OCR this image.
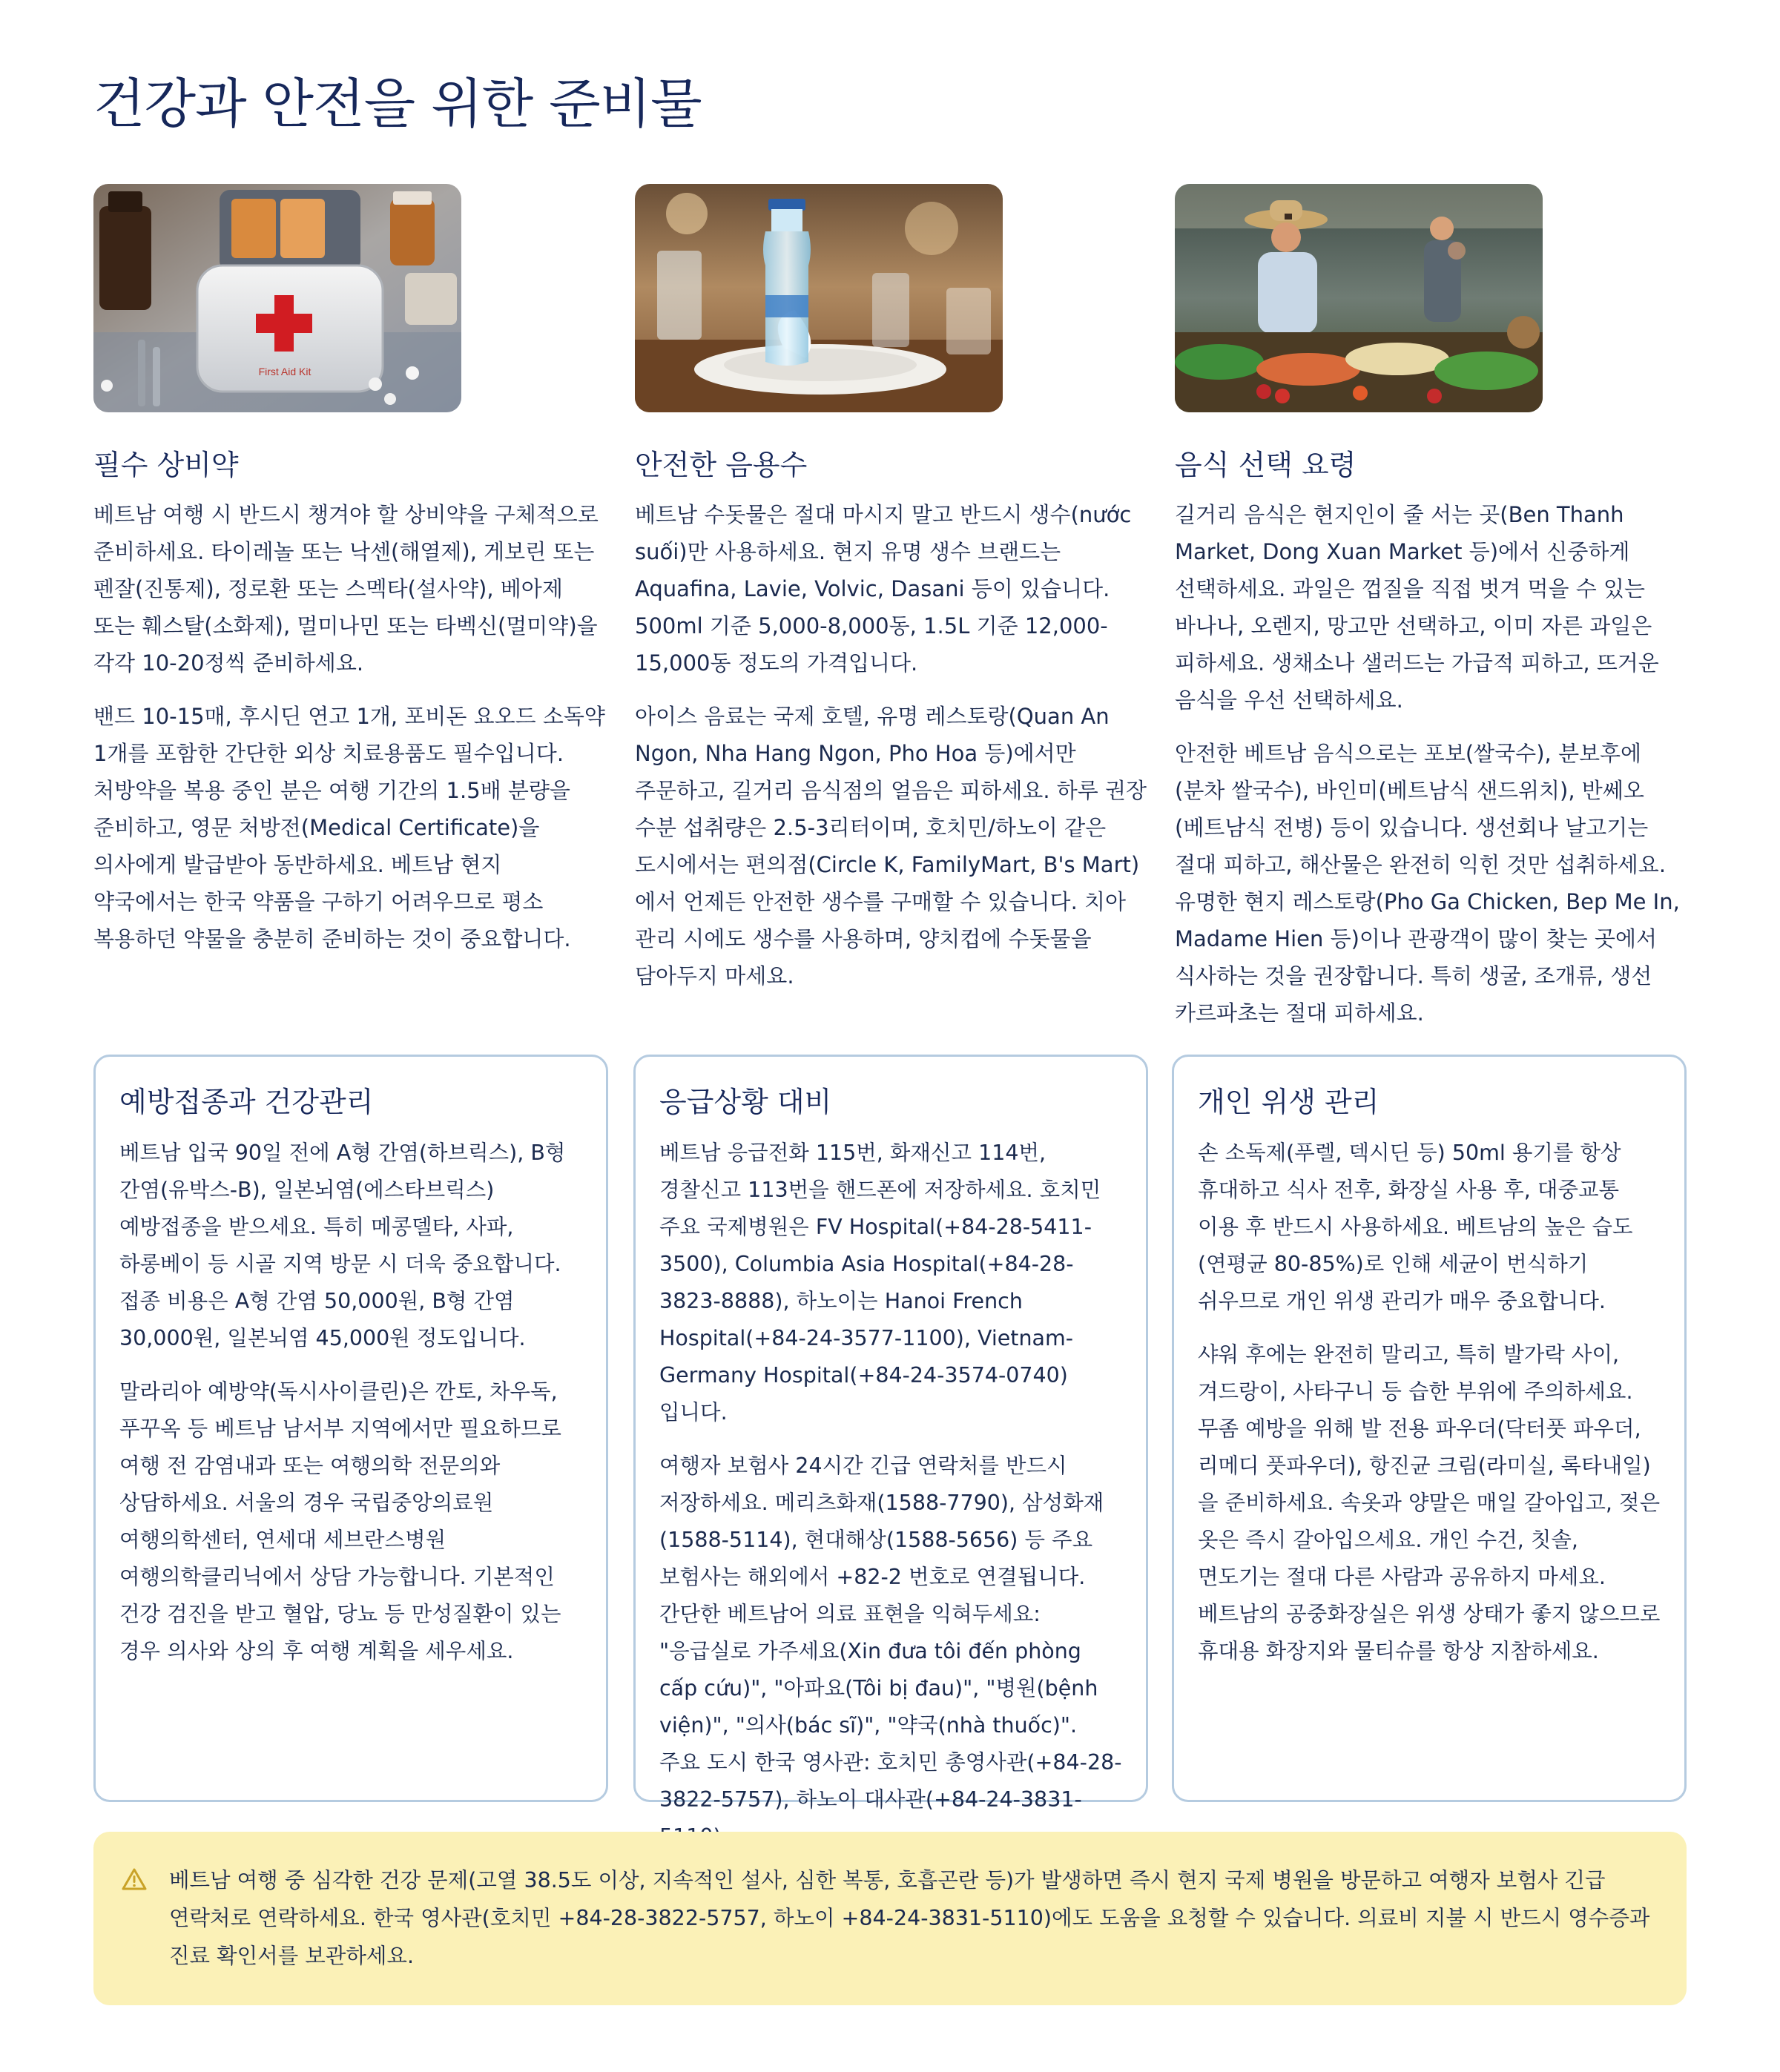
건강과 안전을 위한 준비물
First Aid Kit
필수 상비약

베트남 여행 시 반드시 챙겨야 할 상비약을 구체적으로 준비하세요. 타이레놀 또는 낙센(해열제), 게보린 또는 펜잘(진통제), 정로환 또는 스멕타(설사약), 베아제 또는 훼스탈(소화제), 멀미나민 또는 타벡신(멀미약)을 각각 10-20정씩 준비하세요.

밴드 10-15매, 후시딘 연고 1개, 포비돈 요오드 소독약 1개를 포함한 간단한 외상 치료용품도 필수입니다. 처방약을 복용 중인 분은 여행 기간의 1.5배 분량을 준비하고, 영문 처방전(Medical Certificate)을 의사에게 발급받아 동반하세요. 베트남 현지 약국에서는 한국 약품을 구하기 어려우므로 평소 복용하던 약물을 충분히 준비하는 것이 중요합니다.

안전한 음용수

베트남 수돗물은 절대 마시지 말고 반드시 생수(nước suối)만 사용하세요. 현지 유명 생수 브랜드는 Aquafina, Lavie, Volvic, Dasani 등이 있습니다. 500ml 기준 5,000-8,000동, 1.5L 기준 12,000-15,000동 정도의 가격입니다.

아이스 음료는 국제 호텔, 유명 레스토랑(Quan An Ngon, Nha Hang Ngon, Pho Hoa 등)에서만 주문하고, 길거리 음식점의 얼음은 피하세요. 하루 권장 수분 섭취량은 2.5-3리터이며, 호치민/하노이 같은 도시에서는 편의점(Circle K, FamilyMart, B's Mart)에서 언제든 안전한 생수를 구매할 수 있습니다. 치아 관리 시에도 생수를 사용하며, 양치컵에 수돗물을 담아두지 마세요.

음식 선택 요령

길거리 음식은 현지인이 줄 서는 곳(Ben Thanh Market, Dong Xuan Market 등)에서 신중하게 선택하세요. 과일은 껍질을 직접 벗겨 먹을 수 있는 바나나, 오렌지, 망고만 선택하고, 이미 자른 과일은 피하세요. 생채소나 샐러드는 가급적 피하고, 뜨거운 음식을 우선 선택하세요.

안전한 베트남 음식으로는 포보(쌀국수), 분보후에(분차 쌀국수), 바인미(베트남식 샌드위치), 반쎄오(베트남식 전병) 등이 있습니다. 생선회나 날고기는 절대 피하고, 해산물은 완전히 익힌 것만 섭취하세요. 유명한 현지 레스토랑(Pho Ga Chicken, Bep Me In, Madame Hien 등)이나 관광객이 많이 찾는 곳에서 식사하는 것을 권장합니다. 특히 생굴, 조개류, 생선 카르파초는 절대 피하세요.

예방접종과 건강관리

베트남 입국 90일 전에 A형 간염(하브릭스), B형 간염(유박스-B), 일본뇌염(에스타브릭스) 예방접종을 받으세요. 특히 메콩델타, 사파, 하롱베이 등 시골 지역 방문 시 더욱 중요합니다. 접종 비용은 A형 간염 50,000원, B형 간염 30,000원, 일본뇌염 45,000원 정도입니다.

말라리아 예방약(독시사이클린)은 깐토, 차우독, 푸꾸옥 등 베트남 남서부 지역에서만 필요하므로 여행 전 감염내과 또는 여행의학 전문의와 상담하세요. 서울의 경우 국립중앙의료원 여행의학센터, 연세대 세브란스병원 여행의학클리닉에서 상담 가능합니다. 기본적인 건강 검진을 받고 혈압, 당뇨 등 만성질환이 있는 경우 의사와 상의 후 여행 계획을 세우세요.

응급상황 대비

베트남 응급전화 115번, 화재신고 114번, 경찰신고 113번을 핸드폰에 저장하세요. 호치민 주요 국제병원은 FV Hospital(+84-28-5411-3500), Columbia Asia Hospital(+84-28-3823-8888), 하노이는 Hanoi French Hospital(+84-24-3577-1100), Vietnam-Germany Hospital(+84-24-3574-0740)입니다.

여행자 보험사 24시간 긴급 연락처를 반드시 저장하세요. 메리츠화재(1588-7790), 삼성화재(1588-5114), 현대해상(1588-5656) 등 주요 보험사는 해외에서 +82-2 번호로 연결됩니다. 간단한 베트남어 의료 표현을 익혀두세요: "응급실로 가주세요(Xin đưa tôi đến phòng cấp cứu)", "아파요(Tôi bị đau)", "병원(bệnh viện)", "의사(bác sĩ)", "약국(nhà thuốc)". 주요 도시 한국 영사관: 호치민 총영사관(+84-28-3822-5757), 하노이 대사관(+84-24-3831-

개인 위생 관리

손 소독제(푸렐, 덱시딘 등) 50ml 용기를 항상 휴대하고 식사 전후, 화장실 사용 후, 대중교통 이용 후 반드시 사용하세요. 베트남의 높은 습도(연평균 80-85%)로 인해 세균이 번식하기 쉬우므로 개인 위생 관리가 매우 중요합니다.

샤워 후에는 완전히 말리고, 특히 발가락 사이, 겨드랑이, 사타구니 등 습한 부위에 주의하세요. 무좀 예방을 위해 발 전용 파우더(닥터풋 파우더, 리메디 풋파우더), 항진균 크림(라미실, 록타내일)을 준비하세요. 속옷과 양말은 매일 갈아입고, 젖은 옷은 즉시 갈아입으세요. 개인 수건, 칫솔, 면도기는 절대 다른 사람과 공유하지 마세요. 베트남의 공중화장실은 위생 상태가 좋지 않으므로 휴대용 화장지와 물티슈를 항상 지참하세요.

베트남 여행 중 심각한 건강 문제(고열 38.5도 이상, 지속적인 설사, 심한 복통, 호흡곤란 등)가 발생하면 즉시 현지 국제 병원을 방문하고 여행자 보험사 긴급 연락처로 연락하세요. 한국 영사관(호치민 +84-28-3822-5757, 하노이 +84-24-3831-5110)에도 도움을 요청할 수 있습니다. 의료비 지불 시 반드시 영수증과 진료 확인서를 보관하세요.
